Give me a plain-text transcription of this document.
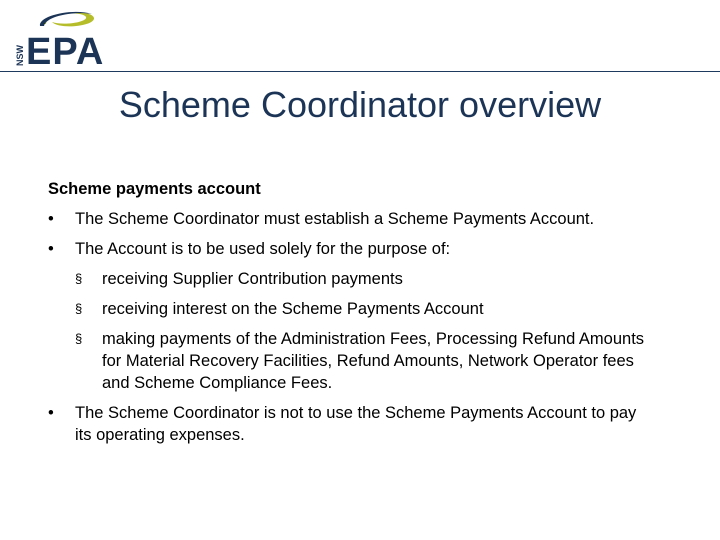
NSW EPA
Scheme Coordinator overview
Scheme payments account
• The Scheme Coordinator must establish a Scheme Payments Account.
• The Account is to be used solely for the purpose of:
§ receiving Supplier Contribution payments
§ receiving interest on the Scheme Payments Account
§ making payments of the Administration Fees, Processing Refund Amounts
for Material Recovery Facilities, Refund Amounts, Network Operator fees
and Scheme Compliance Fees.
• The Scheme Coordinator is not to use the Scheme Payments Account to pay
its operating expenses.
